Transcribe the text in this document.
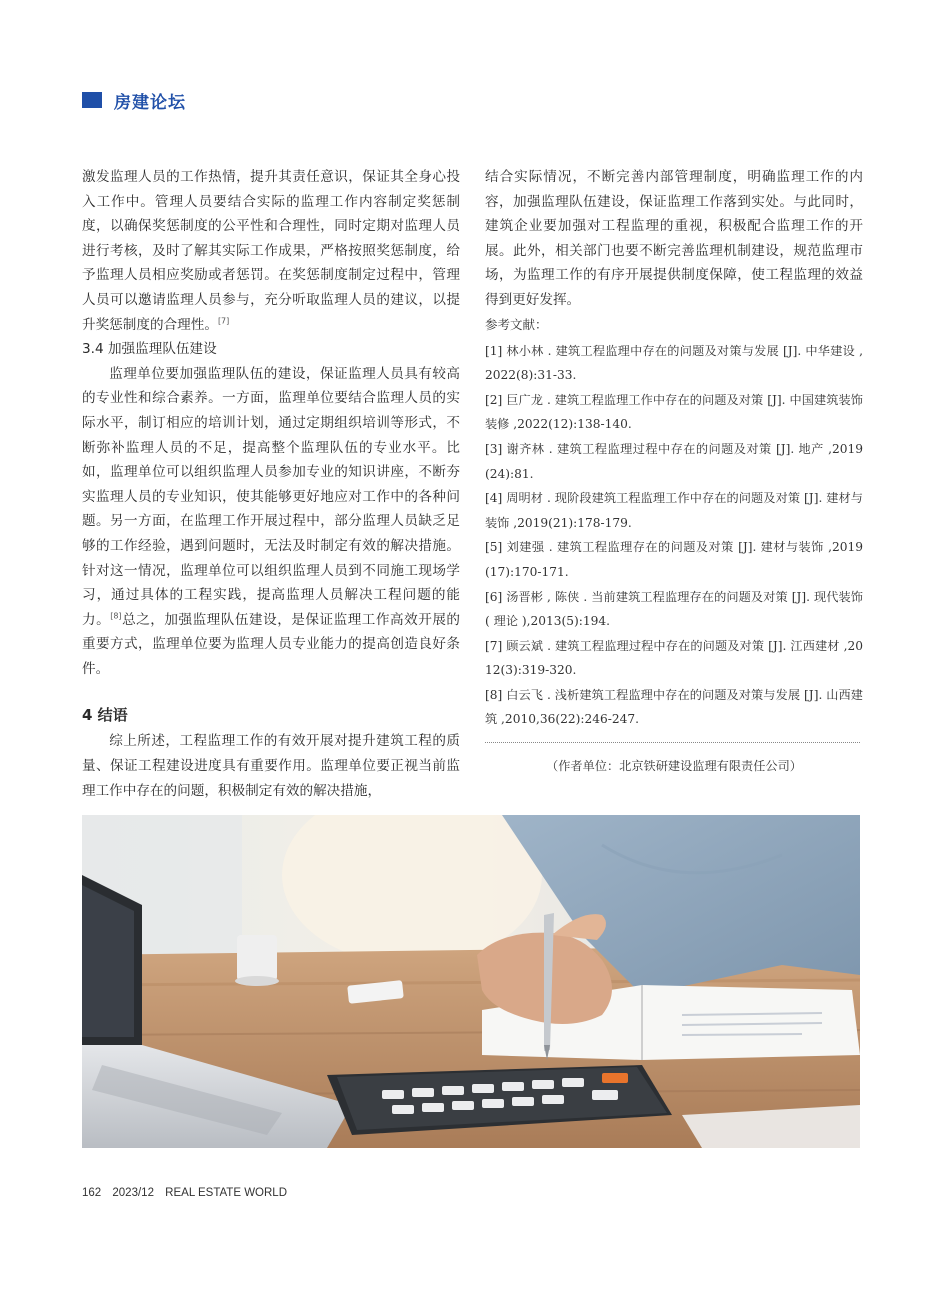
房建论坛

激发监理人员的工作热情，提升其责任意识，保证其全身心投入工作中。管理人员要结合实际的监理工作内容制定奖惩制度，以确保奖惩制度的公平性和合理性，同时定期对监理人员进行考核，及时了解其实际工作成果，严格按照奖惩制度，给予监理人员相应奖励或者惩罚。在奖惩制度制定过程中，管理人员可以邀请监理人员参与，充分听取监理人员的建议，以提升奖惩制度的合理性。[7]

3.4 加强监理队伍建设

监理单位要加强监理队伍的建设，保证监理人员具有较高的专业性和综合素养。一方面，监理单位要结合监理人员的实际水平，制订相应的培训计划，通过定期组织培训等形式，不断弥补监理人员的不足，提高整个监理队伍的专业水平。比如，监理单位可以组织监理人员参加专业的知识讲座，不断夯实监理人员的专业知识，使其能够更好地应对工作中的各种问题。另一方面，在监理工作开展过程中，部分监理人员缺乏足够的工作经验，遇到问题时，无法及时制定有效的解决措施。针对这一情况，监理单位可以组织监理人员到不同施工现场学习，通过具体的工程实践，提高监理人员解决工程问题的能力。[8]总之，加强监理队伍建设，是保证监理工作高效开展的重要方式，监理单位要为监理人员专业能力的提高创造良好条件。

4 结语

综上所述，工程监理工作的有效开展对提升建筑工程的质量、保证工程建设进度具有重要作用。监理单位要正视当前监理工作中存在的问题，积极制定有效的解决措施，

结合实际情况，不断完善内部管理制度，明确监理工作的内容，加强监理队伍建设，保证监理工作落到实处。与此同时，建筑企业要加强对工程监理的重视，积极配合监理工作的开展。此外，相关部门也要不断完善监理机制建设，规范监理市场，为监理工作的有序开展提供制度保障，使工程监理的效益得到更好发挥。

参考文献：

[1] 林小林 . 建筑工程监理中存在的问题及对策与发展 [J]. 中华建设 ,2022(8):31-33.

[2] 巨广龙 . 建筑工程监理工作中存在的问题及对策 [J]. 中国建筑装饰装修 ,2022(12):138-140.

[3] 谢齐林 . 建筑工程监理过程中存在的问题及对策 [J]. 地产 ,2019(24):81.

[4] 周明材 . 现阶段建筑工程监理工作中存在的问题及对策 [J]. 建材与装饰 ,2019(21):178-179.

[5] 刘建强 . 建筑工程监理存在的问题及对策 [J]. 建材与装饰 ,2019(17):170-171.

[6] 汤晋彬 , 陈侠 . 当前建筑工程监理存在的问题及对策 [J]. 现代装饰 ( 理论 ),2013(5):194.

[7] 顾云斌 . 建筑工程监理过程中存在的问题及对策 [J]. 江西建材 ,2012(3):319-320.

[8] 白云飞 . 浅析建筑工程监理中存在的问题及对策与发展 [J]. 山西建筑 ,2010,36(22):246-247.

（作者单位：北京铁研建设监理有限责任公司）
162 2023/12 REAL ESTATE WORLD
